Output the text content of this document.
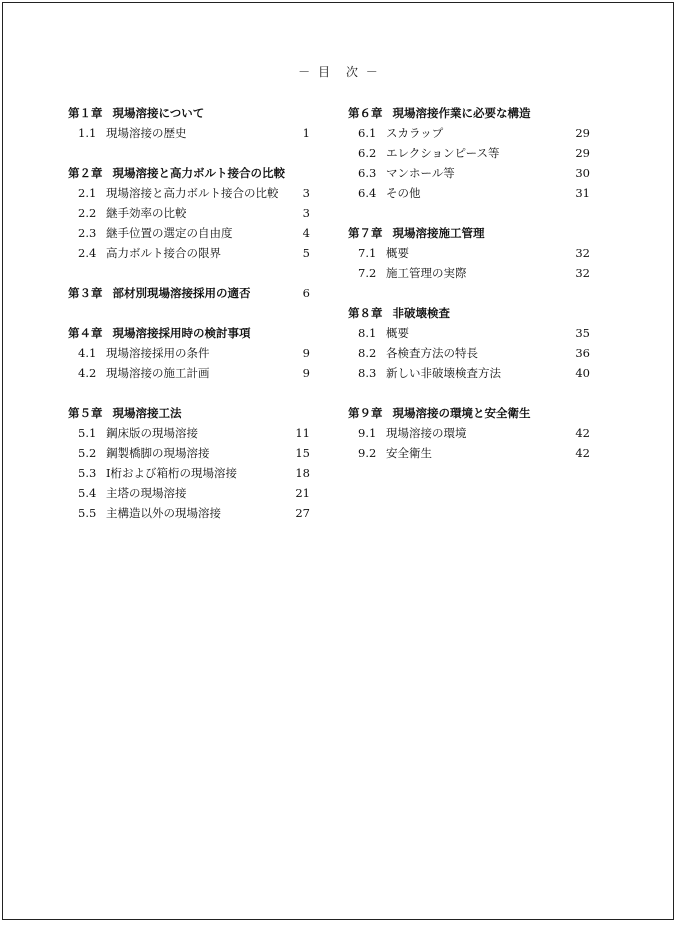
－ 目　次 －
第１章 現場溶接について
1.1 現場溶接の歴史	1
第２章 現場溶接と高力ボルト接合の比較
2.1 現場溶接と高力ボルト接合の比較 3
2.2 継手効率の比較	3
2.3 継手位置の選定の自由度	4
2.4 高力ボルト接合の限界	5
第３章 部材別現場溶接採用の適否	6
第４章 現場溶接採用時の検討事項
4.1 現場溶接採用の条件	9
4.2 現場溶接の施工計画	9
第５章 現場溶接工法
5.1 鋼床版の現場溶接	11
5.2 鋼製橋脚の現場溶接	15
5.3 I桁および箱桁の現場溶接	18
5.4 主塔の現場溶接	21
5.5 主構造以外の現場溶接	27
第６章 現場溶接作業に必要な構造
6.1 スカラップ	29
6.2 エレクションピース等	29
6.3 マンホール等	30
6.4 その他	31
第７章 現場溶接施工管理
7.1 概要	32
7.2 施工管理の実際	32
第８章 非破壊検査
8.1 概要	35
8.2 各検査方法の特長	36
8.3 新しい非破壊検査方法	40
第９章 現場溶接の環境と安全衛生
9.1 現場溶接の環境	42
9.2 安全衛生	42
